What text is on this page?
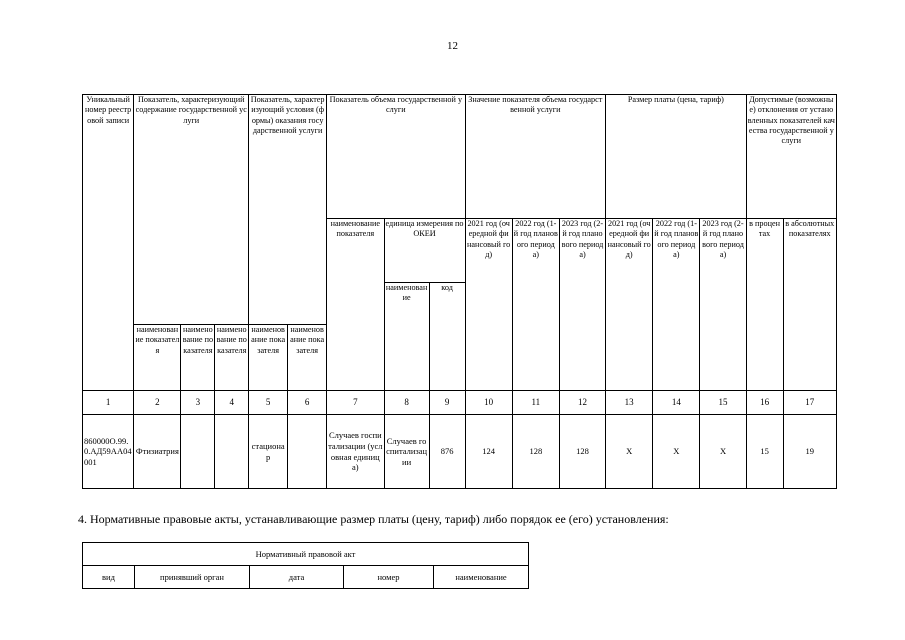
12
Уникальный номер реестровой записи	Показатель, характеризующий содержание государственной услуги			Показатель, характеризующий условия (формы) оказания государственной услуги		Показатель объема государственной услуги			Значение показателя объема государственной услуги			Размер платы (цена, тариф)			Допустимые (возможные) отклонения от установленных показателей качества государственной услуги	
						наименование показателя	единица измерения по ОКЕИ		2021 год (очередной финансовый год)	2022 год (1-й год планового периода)	2023 год (2-й год планового периода)	2021 год (очередной финансовый год)	2022 год (1-й год планового периода)	2023 год (2-й год планового периода)	в процентах	в абсолютных показателях
							наименование	код								
	наименование показателя	наименование показателя	наименование показателя	наименование показателя	наименование показателя											
1	2	3	4	5	6	7	8	9	10	11	12	13	14	15	16	17
860000О.99.0.АД59АА04001	Фтизиатрия			стационар		Случаев госпитализации (условная единица)	Случаев госпитализации	876	124	128	128	Х	Х	Х	15	19
4. Нормативные правовые акты, устанавливающие размер платы (цену, тариф) либо порядок ее (его) установления:
Нормативный правовой акт
вид	принявший орган	дата	номер	наименование
